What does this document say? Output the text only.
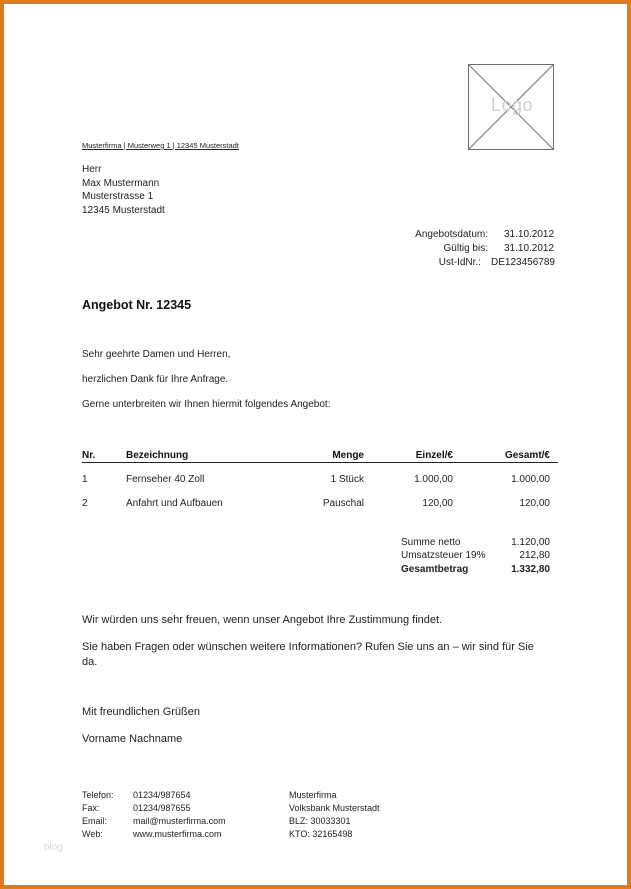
Logo
Musterfirma | Musterweg 1 | 12345 Musterstadt
Herr
Max Mustermann
Musterstrasse 1
12345 Musterstadt
Angebotsdatum: 31.10.2012
Gültig bis: 31.10.2012
Ust-IdNr.: DE123456789
Angebot Nr. 12345
Sehr geehrte Damen und Herren,
herzlichen Dank für Ihre Anfrage.
Gerne unterbreiten wir Ihnen hiermit folgendes Angebot:
Nr.	Bezeichnung	Menge	Einzel/€	Gesamt/€
1	Fernseher 40 Zoll	1 Stück	1.000,00	1.000,00
2	Anfahrt und Aufbauen	Pauschal	120,00	120,00
Summe netto	1.120,00
Umsatzsteuer 19%	212,80
Gesamtbetrag	1.332,80
Wir würden uns sehr freuen, wenn unser Angebot Ihre Zustimmung findet.
Sie haben Fragen oder wünschen weitere Informationen? Rufen Sie uns an – wir sind für Sie
da.
Mit freundlichen Grüßen
Vorname Nachname
Telefon: 01234/987654
Fax:	01234/987655
Email:	mail@musterfirma.com
Web:	www.musterfirma.com
Musterfirma
Volksbank Musterstadt
BLZ: 30033301
KTO: 32165498
blog
